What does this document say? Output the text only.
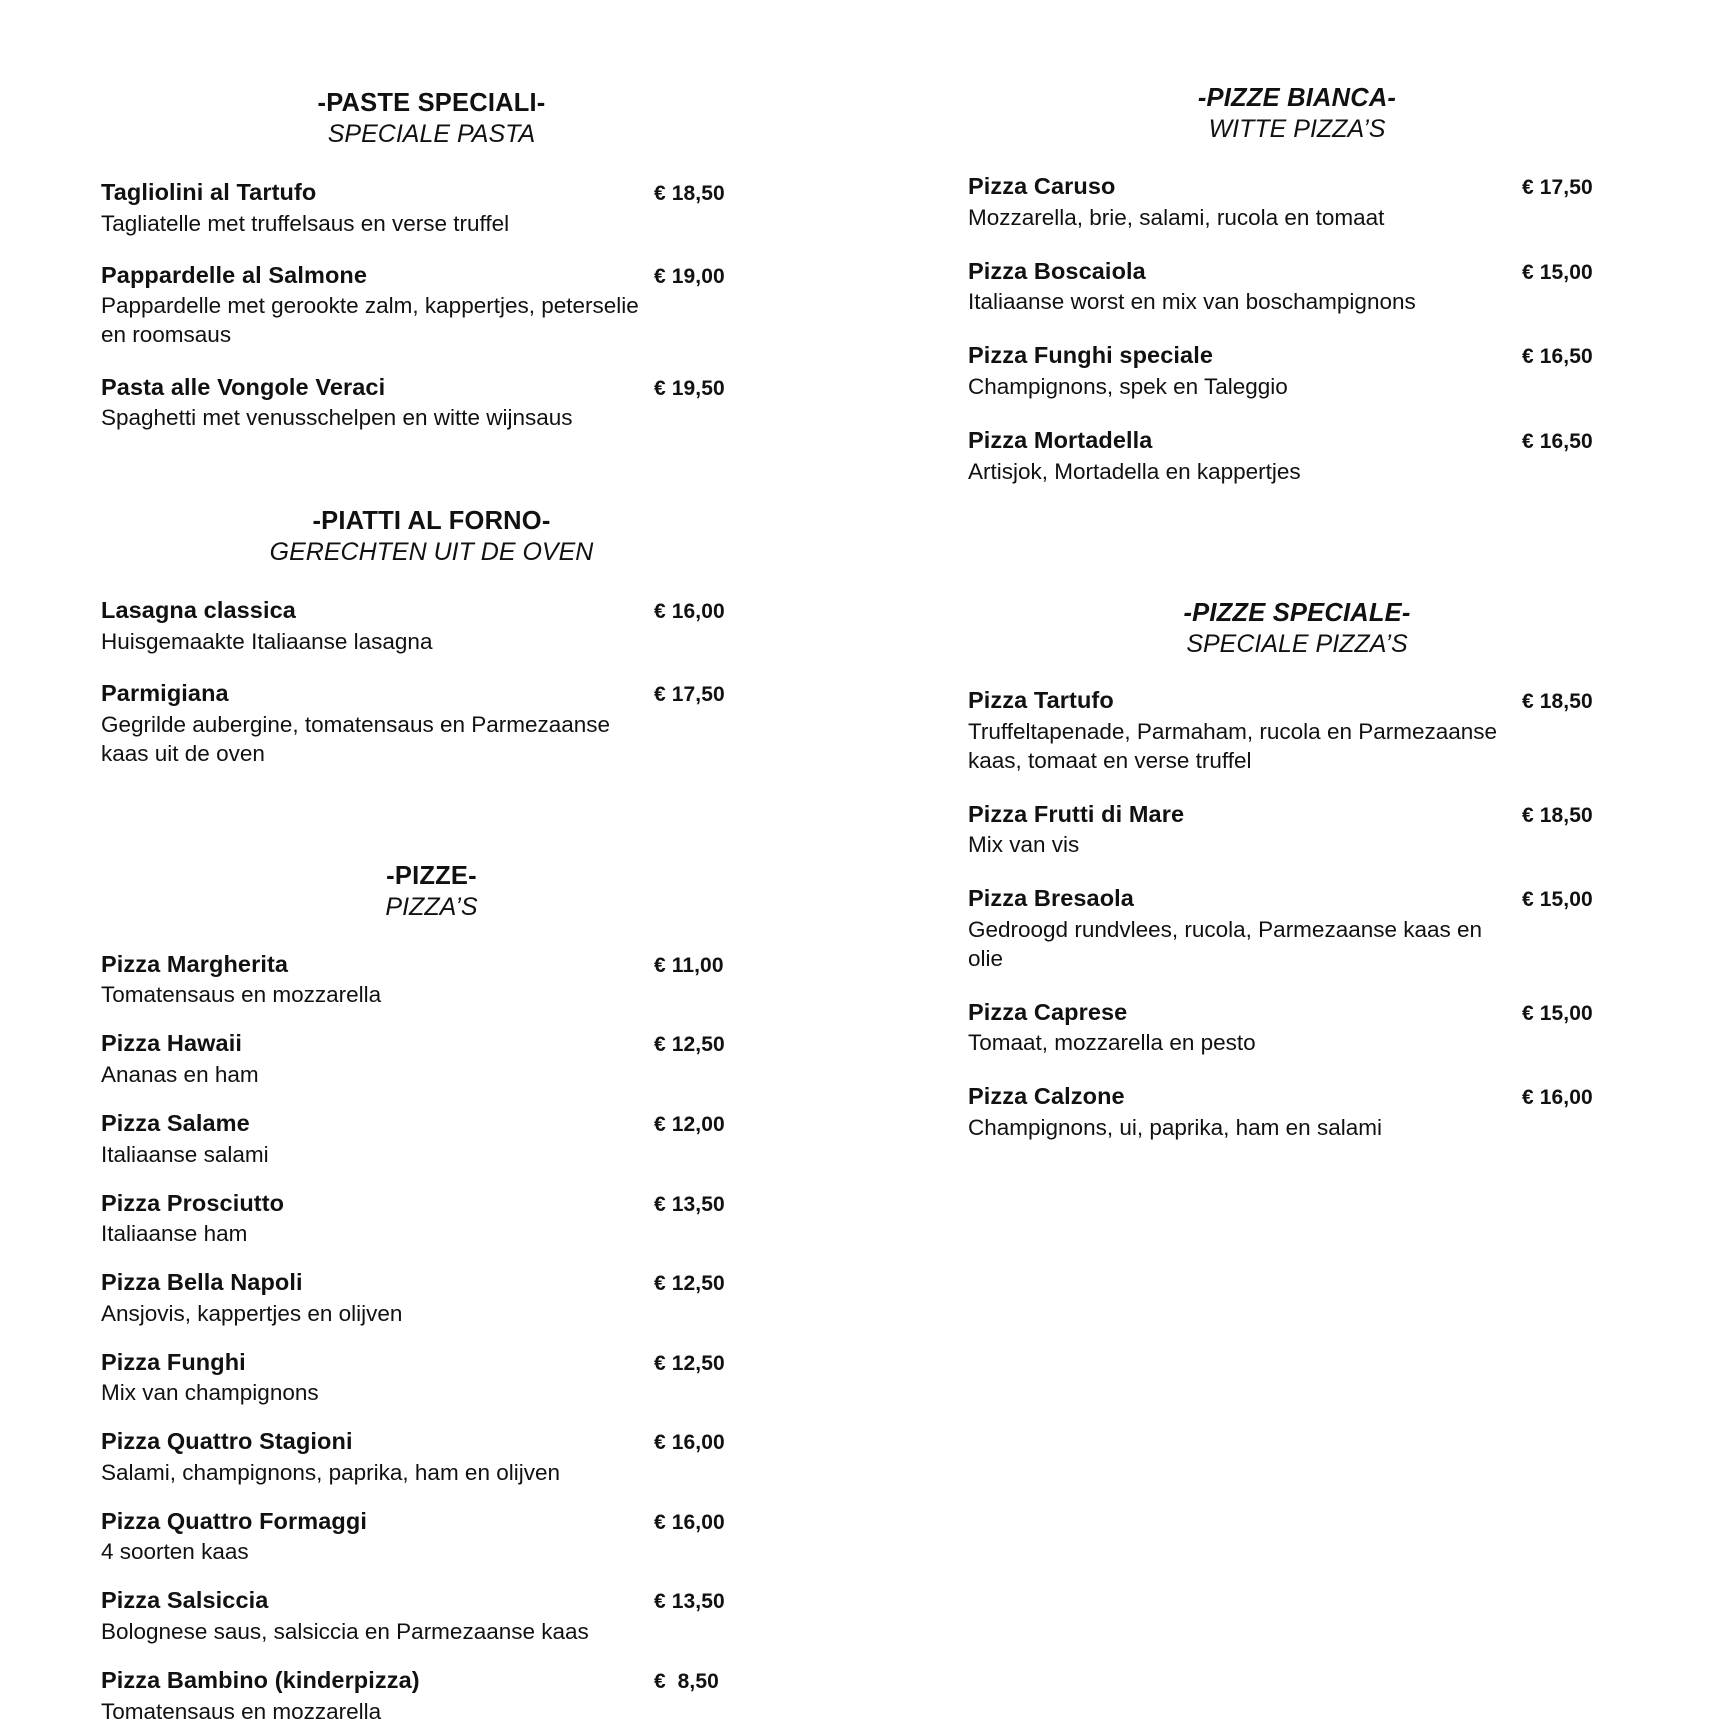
-PASTE SPECIALI-
SPECIALE PASTA
Tagliolini al Tartufo	€ 18,50
Tagliatelle met truffelsaus en verse truffel
Pappardelle al Salmone	€ 19,00
Pappardelle met gerookte zalm, kappertjes, peterselie en roomsaus
Pasta alle Vongole Veraci	€ 19,50
Spaghetti met venusschelpen en witte wijnsaus
-PIATTI AL FORNO-
GERECHTEN UIT DE OVEN
Lasagna classica	€ 16,00
Huisgemaakte Italiaanse lasagna
Parmigiana	€ 17,50
Gegrilde aubergine, tomatensaus en Parmezaanse kaas uit de oven
-PIZZE-
PIZZA’S
Pizza Margherita	€ 11,00
Tomatensaus en mozzarella
Pizza Hawaii	€ 12,50
Ananas en ham
Pizza Salame	€ 12,00
Italiaanse salami
Pizza Prosciutto	€ 13,50
Italiaanse ham
Pizza Bella Napoli	€ 12,50
Ansjovis, kappertjes en olijven
Pizza Funghi	€ 12,50
Mix van champignons
Pizza Quattro Stagioni	€ 16,00
Salami, champignons, paprika, ham en olijven
Pizza Quattro Formaggi	€ 16,00
4 soorten kaas
Pizza Salsiccia	€ 13,50
Bolognese saus, salsiccia en Parmezaanse kaas
Pizza Bambino (kinderpizza)	€  8,50
Tomatensaus en mozzarella
-PIZZE BIANCA-
WITTE PIZZA’S
Pizza Caruso	€ 17,50
Mozzarella, brie, salami, rucola en tomaat
Pizza Boscaiola	€ 15,00
Italiaanse worst en mix van boschampignons
Pizza Funghi speciale	€ 16,50
Champignons, spek en Taleggio
Pizza Mortadella	€ 16,50
Artisjok, Mortadella en kappertjes
-PIZZE SPECIALE-
SPECIALE PIZZA’S
Pizza Tartufo	€ 18,50
Truffeltapenade, Parmaham, rucola en Parmezaanse kaas, tomaat en verse truffel
Pizza Frutti di Mare	€ 18,50
Mix van vis
Pizza Bresaola	€ 15,00
Gedroogd rundvlees, rucola, Parmezaanse kaas en olie
Pizza Caprese	€ 15,00
Tomaat, mozzarella en pesto
Pizza Calzone	€ 16,00
Champignons, ui, paprika, ham en salami
